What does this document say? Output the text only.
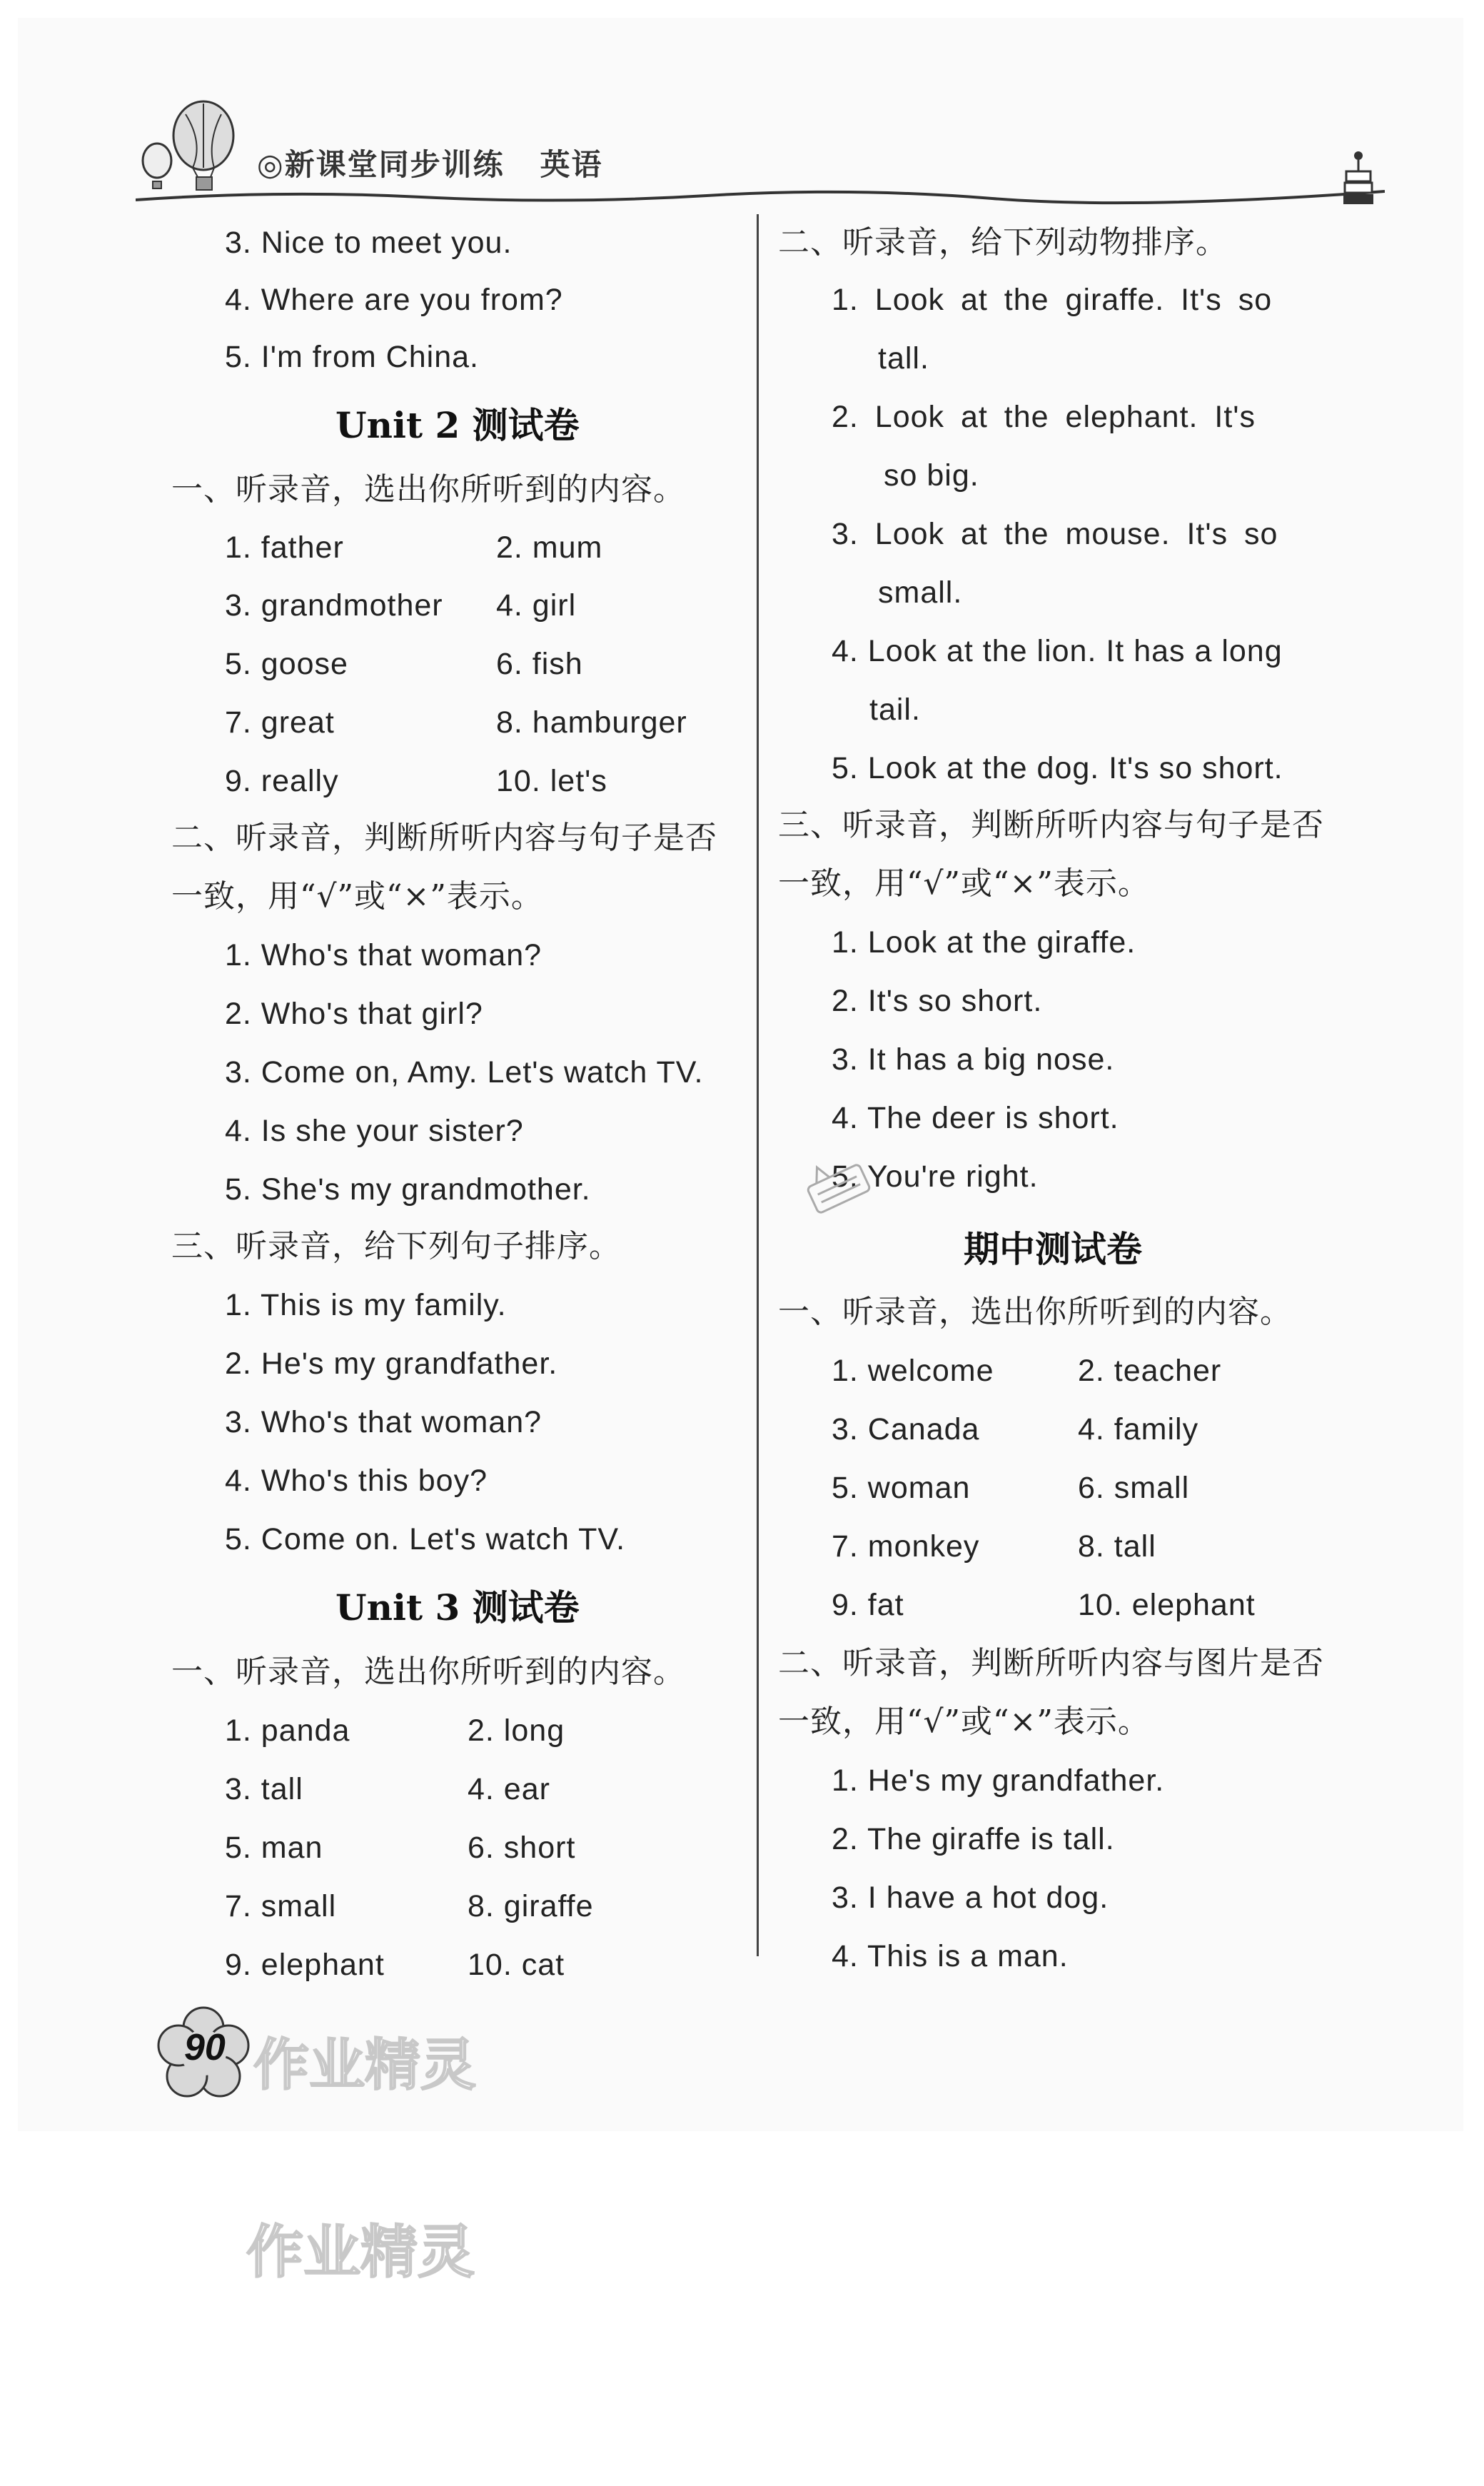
◎新课堂同步训练 英语
3. Nice to meet you.
4. Where are you from?
5. I'm from China.
Unit 2 测试卷
一、听录音，选出你所听到的内容。
1. father	2. mum
3. grandmother 4. girl
5. goose	6. fish
7. great	8. hamburger
9. really	10. let's
二、听录音，判断所听内容与句子是否
一致，用“√”或“×”表示。
1. Who's that woman?
2. Who's that girl?
3. Come on, Amy. Let's watch TV.
4. Is she your sister?
5. She's my grandmother.
三、听录音，给下列句子排序。
1. This is my family.
2. He's my grandfather.
3. Who's that woman?
4. Who's this boy?
5. Come on. Let's watch TV.
Unit 3 测试卷
一、听录音，选出你所听到的内容。
1. panda	2. long
3. tall	4. ear
5. man	6. short
7. small	8. giraffe
9. elephant	10. cat
二、听录音，给下列动物排序。
1. Look at the giraffe. It's so
tall.
2. Look at the elephant. It's
so big.
3. Look at the mouse. It's so
small.
4. Look at the lion. It has a long
tail.
5. Look at the dog. It's so short.
三、听录音，判断所听内容与句子是否
一致，用“√”或“×”表示。
1. Look at the giraffe.
2. It's so short.
3. It has a big nose.
4. The deer is short.
5. You're right.
期中测试卷
一、听录音，选出你所听到的内容。
1. welcome	2. teacher
3. Canada	4. family
5. woman	6. small
7. monkey	8. tall
9. fat	10. elephant
二、听录音，判断所听内容与图片是否
一致，用“√”或“×”表示。
1. He's my grandfather.
2. The giraffe is tall.
3. I have a hot dog.
4. This is a man.
90 作业精灵
作业精灵
